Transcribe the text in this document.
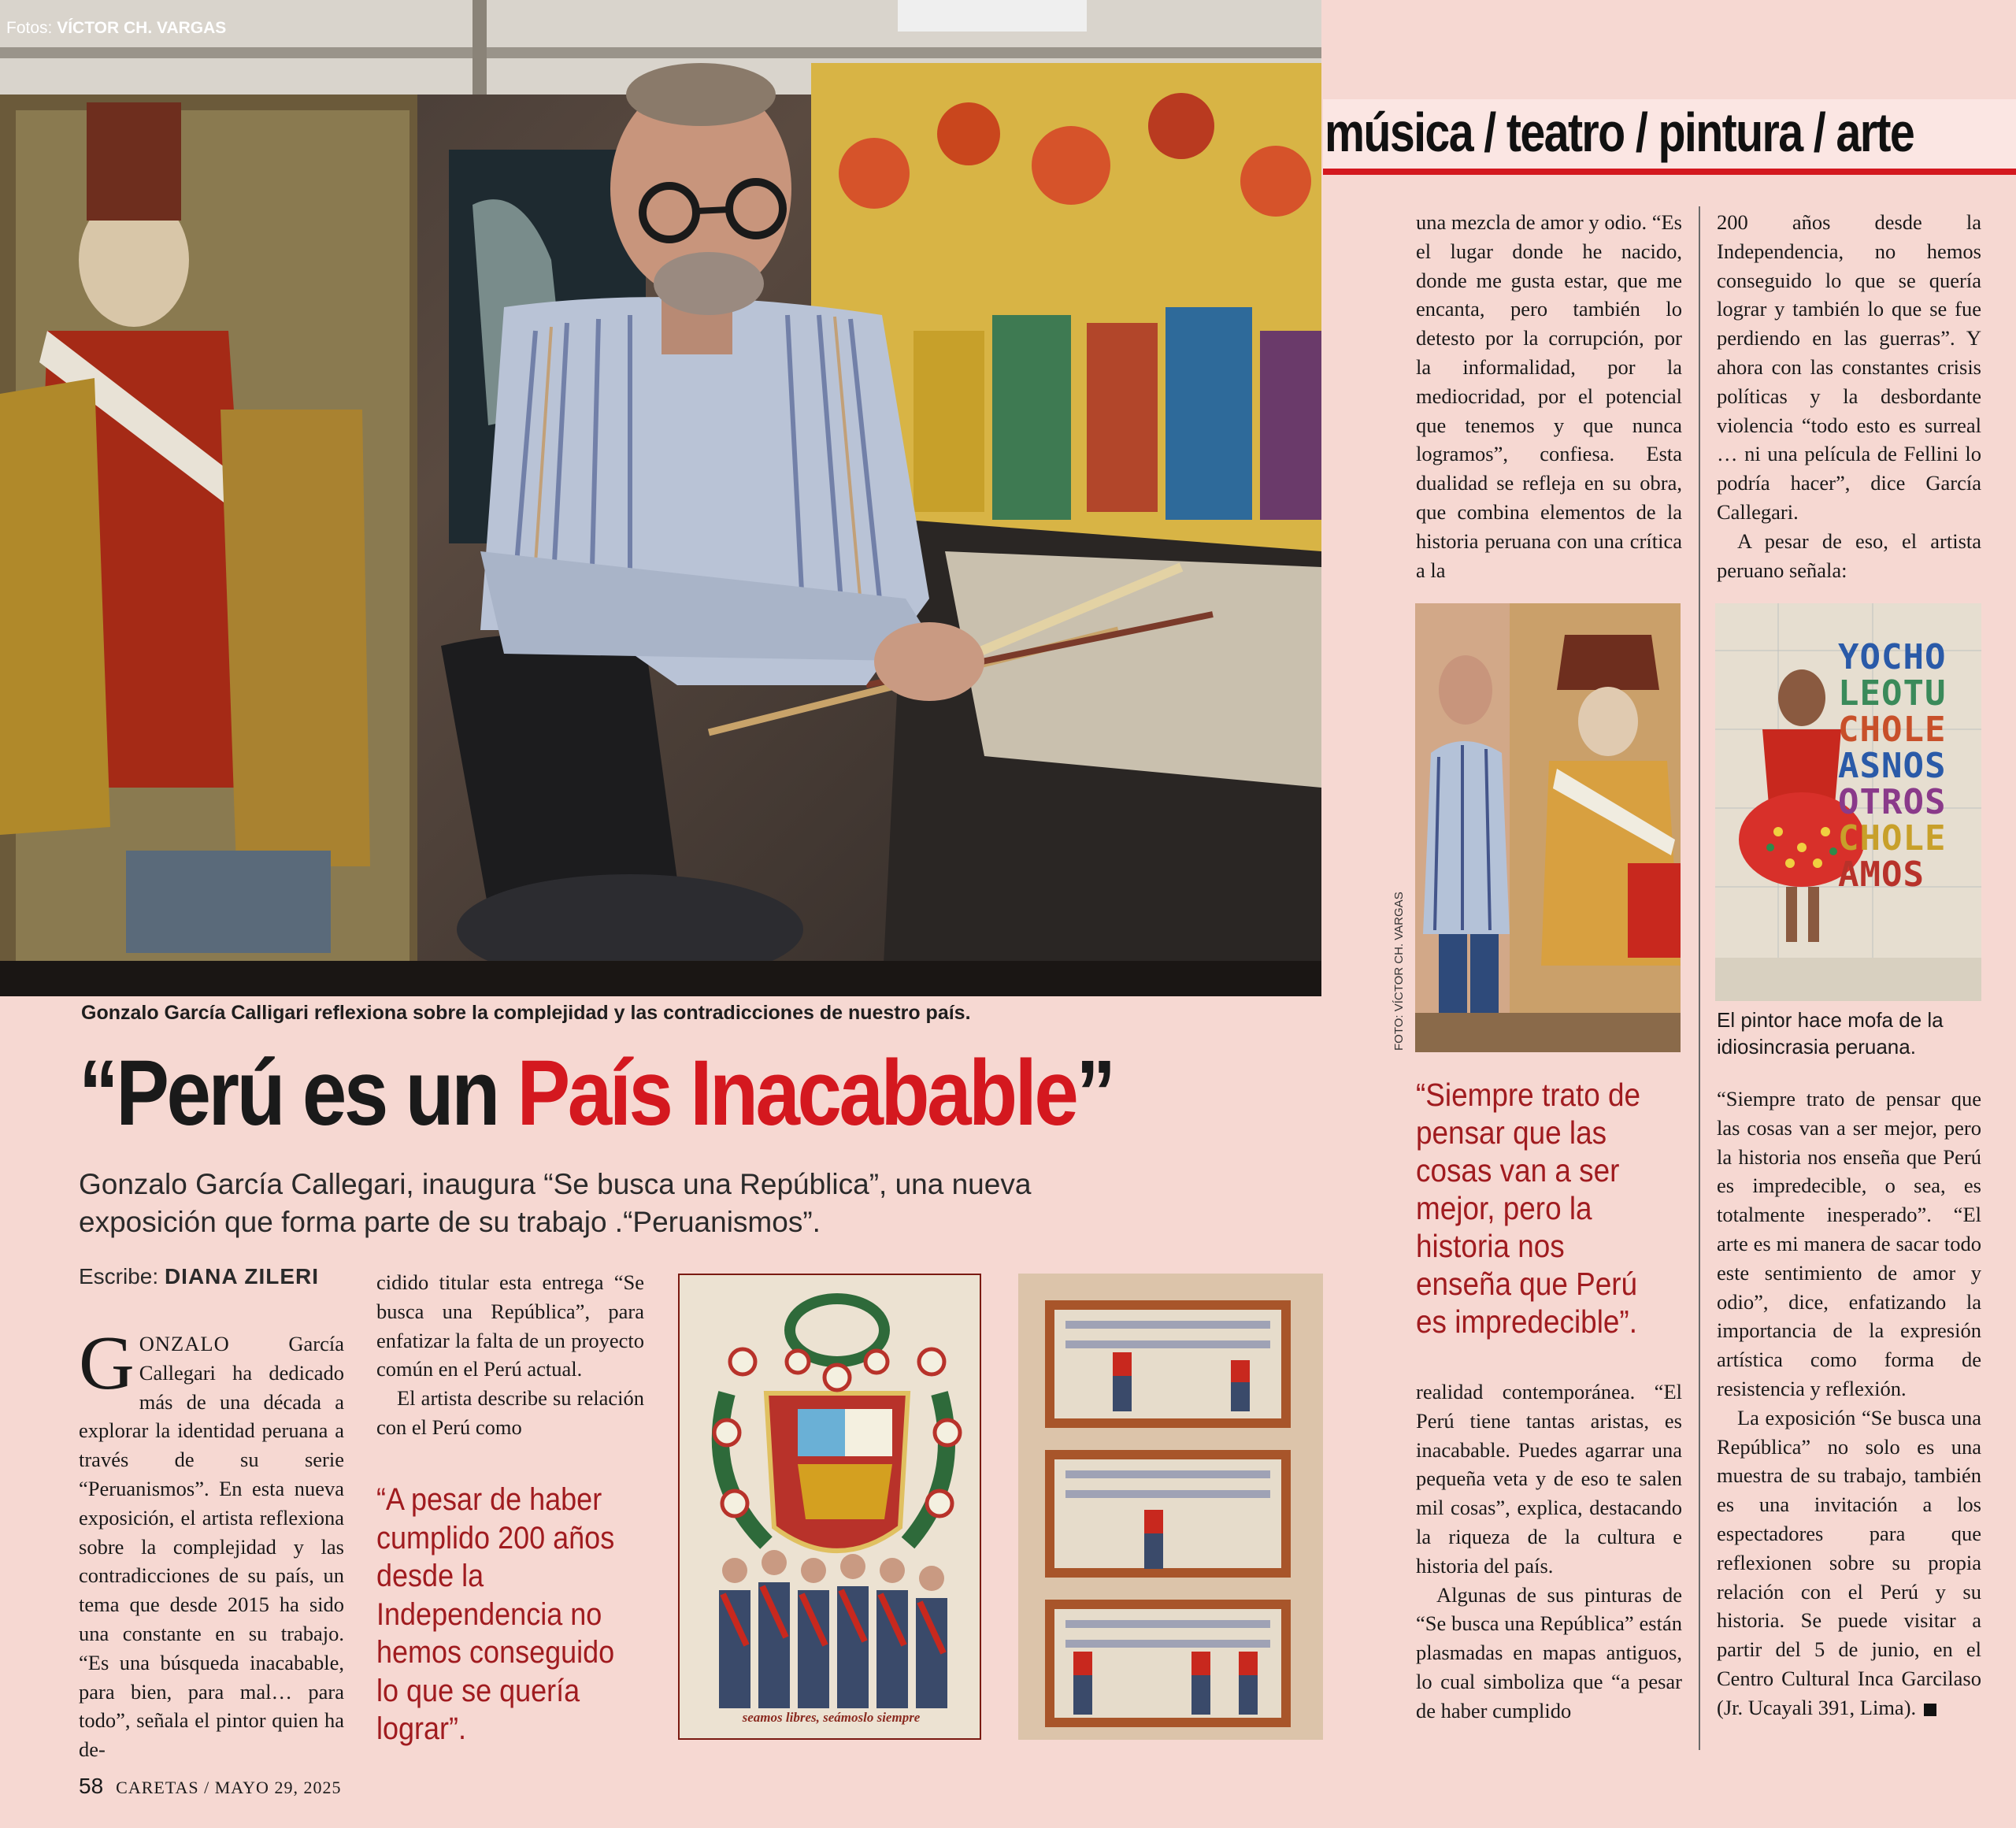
Fotos: VÍCTOR CH. VARGAS
Gonzalo García Calligari reflexiona sobre la complejidad y las contradicciones de nuestro país.
“Perú es un País Inacabable”
Gonzalo García Callegari, inaugura “Se busca una República”, una nueva exposición que forma parte de su trabajo .“Peruanismos”.
Escribe: DIANA ZILERI

GONZALO García Callegari ha dedicado más de una década a explorar la identidad peruana a través de su serie “Peruanismos”. En esta nueva exposición, el artista reflexiona sobre la complejidad y las contradicciones de su país, un tema que desde 2015 ha sido una constante en su trabajo. “Es una búsqueda inacabable, para bien, para mal… para todo”, señala el pintor quien ha de-

cidido titular esta entrega “Se busca una República”, para enfatizar la falta de un proyecto común en el Perú actual.

El artista describe su relación con el Perú como

“A pesar de haber cumplido 200 años desde la Independencia no hemos conseguido lo que se quería lograr”.	seamos libres, seámoslo siempre
música / teatro / pintura / arte

una mezcla de amor y odio. “Es el lugar donde he nacido, donde me gusta estar, que me encanta, pero también lo detesto por la corrupción, por la informalidad, por la mediocridad, por el potencial que tenemos y que nunca logramos”, confiesa. Esta dualidad se refleja en su obra, que combina elementos de la historia peruana con una crítica a la

200 años desde la Independencia, no hemos conseguido lo que se quería lograr y también lo que se fue perdiendo en las guerras”. Y ahora con las constantes crisis políticas y la desbordante violencia “todo esto es surreal … ni una película de Fellini lo podría hacer”, dice García Callegari.

A pesar de eso, el artista peruano señala:

FOTO: VÍCTOR CH. VARGAS
YOCHO
LEOTU
CHOLE
ASNOS
OTROS
CHOLE
AMOS
El pintor hace mofa de la idiosincrasia peruana.
“Siempre trato de pensar que las cosas van a ser mejor, pero la historia nos enseña que Perú es impredecible”.

realidad contemporánea. “El Perú tiene tantas aristas, es inacabable. Puedes agarrar una pequeña veta y de eso te salen mil cosas”, explica, destacando la riqueza de la cultura e historia del país.

Algunas de sus pinturas de “Se busca una República” están plasmadas en mapas antiguos, lo cual simboliza que “a pesar de haber cumplido

“Siempre trato de pensar que las cosas van a ser mejor, pero la historia nos enseña que Perú es impredecible, o sea, es totalmente inesperado”. “El arte es mi manera de sacar todo este sentimiento de amor y odio”, dice, enfatizando la importancia de la expresión artística como forma de resistencia y reflexión.

La exposición “Se busca una República” no solo es una muestra de su trabajo, también es una invitación a los espectadores para que reflexionen sobre su propia relación con el Perú y su historia. Se puede visitar a partir del 5 de junio, en el Centro Cultural Inca Garcilaso (Jr. Ucayali 391, Lima).

58 CARETAS / MAYO 29, 2025
